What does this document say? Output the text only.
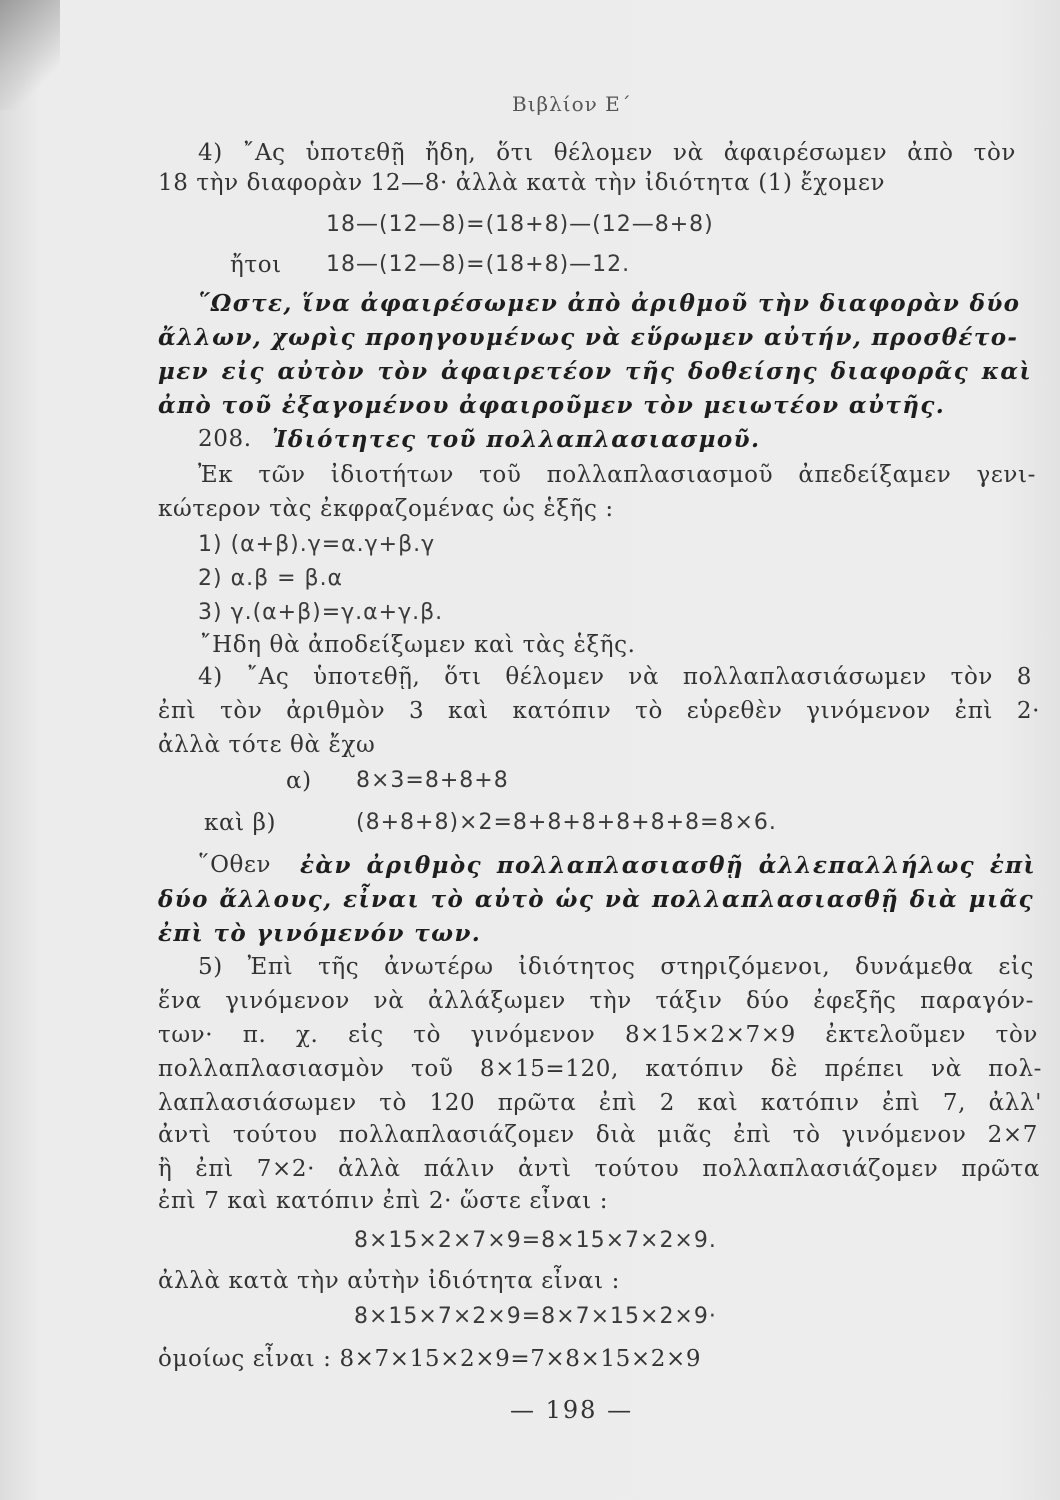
Βιβλίον Ε΄
4) ῎Ας ὑποτεθῇ ἤδη, ὅτι θέλομεν νὰ ἀφαιρέσωμεν ἀπὸ τὸν
18 τὴν διαφορὰν 12—8· ἀλλὰ κατὰ τὴν ἰδιότητα (1) ἔχομεν
18—(12—8)=(18+8)—(12—8+8)
ἤτοι 18—(12—8)=(18+8)—12.
῞Ωστε, ἵνα ἀφαιρέσωμεν ἀπὸ ἀριθμοῦ τὴν διαφορὰν δύο
ἄλλων, χωρὶς προηγουμένως νὰ εὕρωμεν αὐτήν, προσθέτο-
μεν εἰς αὐτὸν τὸν ἀφαιρετέον τῆς δοθείσης διαφορᾶς καὶ
ἀπὸ τοῦ ἐξαγομένου ἀφαιροῦμεν τὸν μειωτέον αὐτῆς.
208. Ἰδιότητες τοῦ πολλαπλασιασμοῦ.
Ἐκ τῶν ἰδιοτήτων τοῦ πολλαπλασιασμοῦ ἀπεδείξαμεν γενι-
κώτερον τὰς ἐκφραζομένας ὡς ἑξῆς :
1) (α+β).γ=α.γ+β.γ
2) α.β = β.α
3) γ.(α+β)=γ.α+γ.β.
῎Ηδη θὰ ἀποδείξωμεν καὶ τὰς ἑξῆς.
4) ῎Ας ὑποτεθῇ, ὅτι θέλομεν νὰ πολλαπλασιάσωμεν τὸν 8
ἐπὶ τὸν ἀριθμὸν 3 καὶ κατόπιν τὸ εὑρεθὲν γινόμενον ἐπὶ 2·
ἀλλὰ τότε θὰ ἔχω
α) 8×3=8+8+8
καὶ β)	(8+8+8)×2=8+8+8+8+8+8=8×6.
῞Οθεν ἐὰν ἀριθμὸς πολλαπλασιασθῇ ἀλλεπαλλήλως ἐπὶ
δύο ἄλλους, εἶναι τὸ αὐτὸ ὡς νὰ πολλαπλασιασθῇ διὰ μιᾶς
ἐπὶ τὸ γινόμενόν των.
5) Ἐπὶ τῆς ἀνωτέρω ἰδιότητος στηριζόμενοι, δυνάμεθα εἰς
ἕνα γινόμενον νὰ ἀλλάξωμεν τὴν τάξιν δύο ἐφεξῆς παραγόν-
των· π. χ. εἰς τὸ γινόμενον 8×15×2×7×9 ἐκτελοῦμεν τὸν
πολλαπλασιασμὸν τοῦ 8×15=120, κατόπιν δὲ πρέπει νὰ πολ-
λαπλασιάσωμεν τὸ 120 πρῶτα ἐπὶ 2 καὶ κατόπιν ἐπὶ 7, ἀλλ'
ἀντὶ τούτου πολλαπλασιάζομεν διὰ μιᾶς ἐπὶ τὸ γινόμενον 2×7
ἢ ἐπὶ 7×2· ἀλλὰ πάλιν ἀντὶ τούτου πολλαπλασιάζομεν πρῶτα
ἐπὶ 7 καὶ κατόπιν ἐπὶ 2· ὥστε εἶναι :
8×15×2×7×9=8×15×7×2×9.
ἀλλὰ κατὰ τὴν αὐτὴν ἰδιότητα εἶναι :
8×15×7×2×9=8×7×15×2×9·
ὁμοίως εἶναι : 8×7×15×2×9=7×8×15×2×9
— 198 —
